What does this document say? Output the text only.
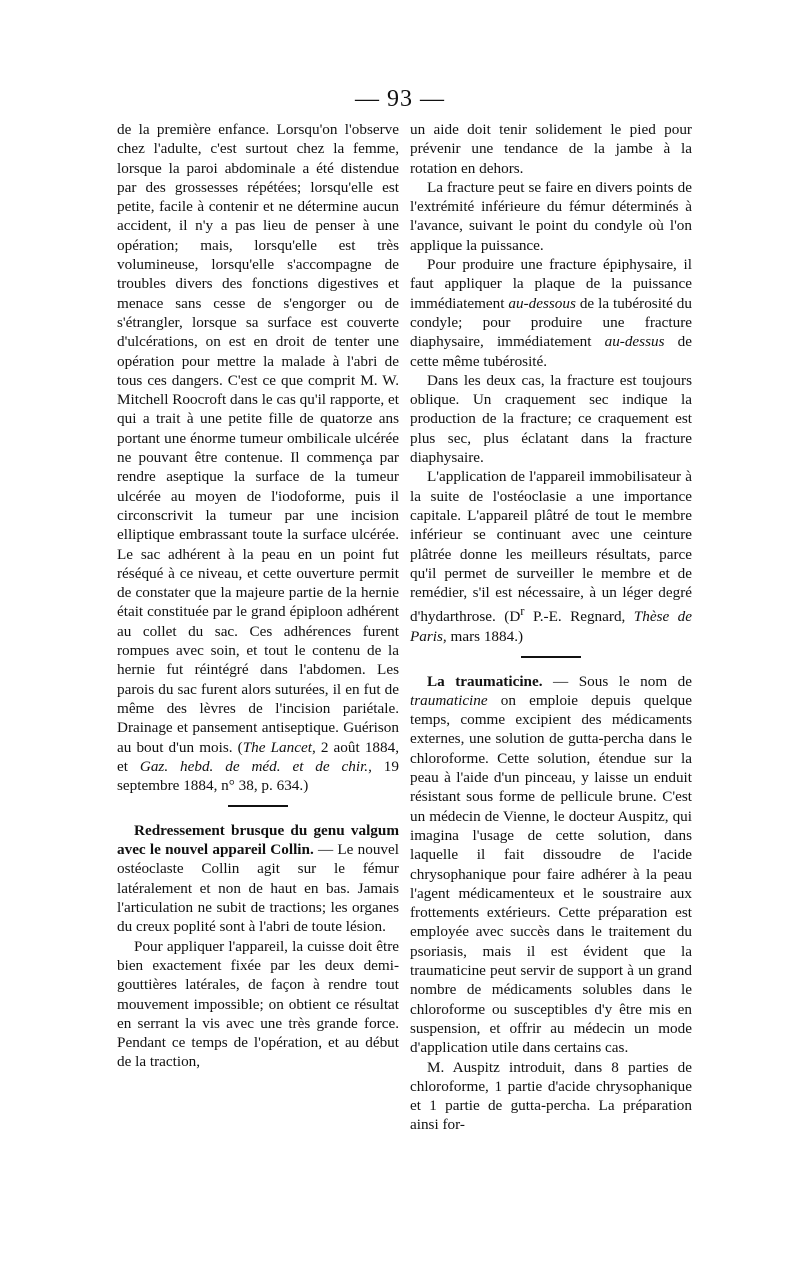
— 93 —

de la première enfance. Lorsqu'on l'observe chez l'adulte, c'est surtout chez la femme, lorsque la paroi abdominale a été distendue par des grossesses répétées; lorsqu'elle est petite, facile à contenir et ne détermine aucun accident, il n'y a pas lieu de penser à une opération; mais, lorsqu'elle est très volumineuse, lorsqu'elle s'accompagne de troubles divers des fonctions digestives et menace sans cesse de s'engorger ou de s'étrangler, lorsque sa surface est couverte d'ulcérations, on est en droit de tenter une opération pour mettre la malade à l'abri de tous ces dangers. C'est ce que comprit M. W. Mitchell Roocroft dans le cas qu'il rapporte, et qui a trait à une petite fille de quatorze ans portant une énorme tumeur ombilicale ulcérée ne pouvant être contenue. Il commença par rendre aseptique la surface de la tumeur ulcérée au moyen de l'iodoforme, puis il circonscrivit la tumeur par une incision elliptique embrassant toute la surface ulcérée. Le sac adhérent à la peau en un point fut réséqué à ce niveau, et cette ouverture permit de constater que la majeure partie de la hernie était constituée par le grand épiploon adhérent au collet du sac. Ces adhérences furent rompues avec soin, et tout le contenu de la hernie fut réintégré dans l'abdomen. Les parois du sac furent alors suturées, il en fut de même des lèvres de l'incision pariétale. Drainage et pansement antiseptique. Guérison au bout d'un mois. (The Lancet, 2 août 1884, et Gaz. hebd. de méd. et de chir., 19 septembre 1884, n° 38, p. 634.)

Redressement brusque du genu valgum avec le nouvel appareil Collin. — Le nouvel ostéoclaste Collin agit sur le fémur latéralement et non de haut en bas. Jamais l'articulation ne subit de tractions; les organes du creux poplité sont à l'abri de toute lésion.

Pour appliquer l'appareil, la cuisse doit être bien exactement fixée par les deux demi-gouttières latérales, de façon à rendre tout mouvement impossible; on obtient ce résultat en serrant la vis avec une très grande force. Pendant ce temps de l'opération, et au début de la traction,

un aide doit tenir solidement le pied pour prévenir une tendance de la jambe à la rotation en dehors.

La fracture peut se faire en divers points de l'extrémité inférieure du fémur déterminés à l'avance, suivant le point du condyle où l'on applique la puissance.

Pour produire une fracture épiphysaire, il faut appliquer la plaque de la puissance immédiatement au-dessous de la tubérosité du condyle; pour produire une fracture diaphysaire, immédiatement au-dessus de cette même tubérosité.

Dans les deux cas, la fracture est toujours oblique. Un craquement sec indique la production de la fracture; ce craquement est plus sec, plus éclatant dans la fracture diaphysaire.

L'application de l'appareil immobilisateur à la suite de l'ostéoclasie a une importance capitale. L'appareil plâtré de tout le membre inférieur se continuant avec une ceinture plâtrée donne les meilleurs résultats, parce qu'il permet de surveiller le membre et de remédier, s'il est nécessaire, à un léger degré d'hydarthrose. ($D^r$ P.-E. Regnard, Thèse de Paris, mars 1884.)

La traumaticine. — Sous le nom de traumaticine on emploie depuis quelque temps, comme excipient des médicaments externes, une solution de gutta-percha dans le chloroforme. Cette solution, étendue sur la peau à l'aide d'un pinceau, y laisse un enduit résistant sous forme de pellicule brune. C'est un médecin de Vienne, le docteur Auspitz, qui imagina l'usage de cette solution, dans laquelle il fait dissoudre de l'acide chrysophanique pour faire adhérer à la peau l'agent médicamenteux et le soustraire aux frottements extérieurs. Cette préparation est employée avec succès dans le traitement du psoriasis, mais il est évident que la traumaticine peut servir de support à un grand nombre de médicaments solubles dans le chloroforme ou susceptibles d'y être mis en suspension, et offrir au médecin un mode d'application utile dans certains cas.

M. Auspitz introduit, dans 8 parties de chloroforme, 1 partie d'acide chrysophanique et 1 partie de gutta-percha. La préparation ainsi for-
